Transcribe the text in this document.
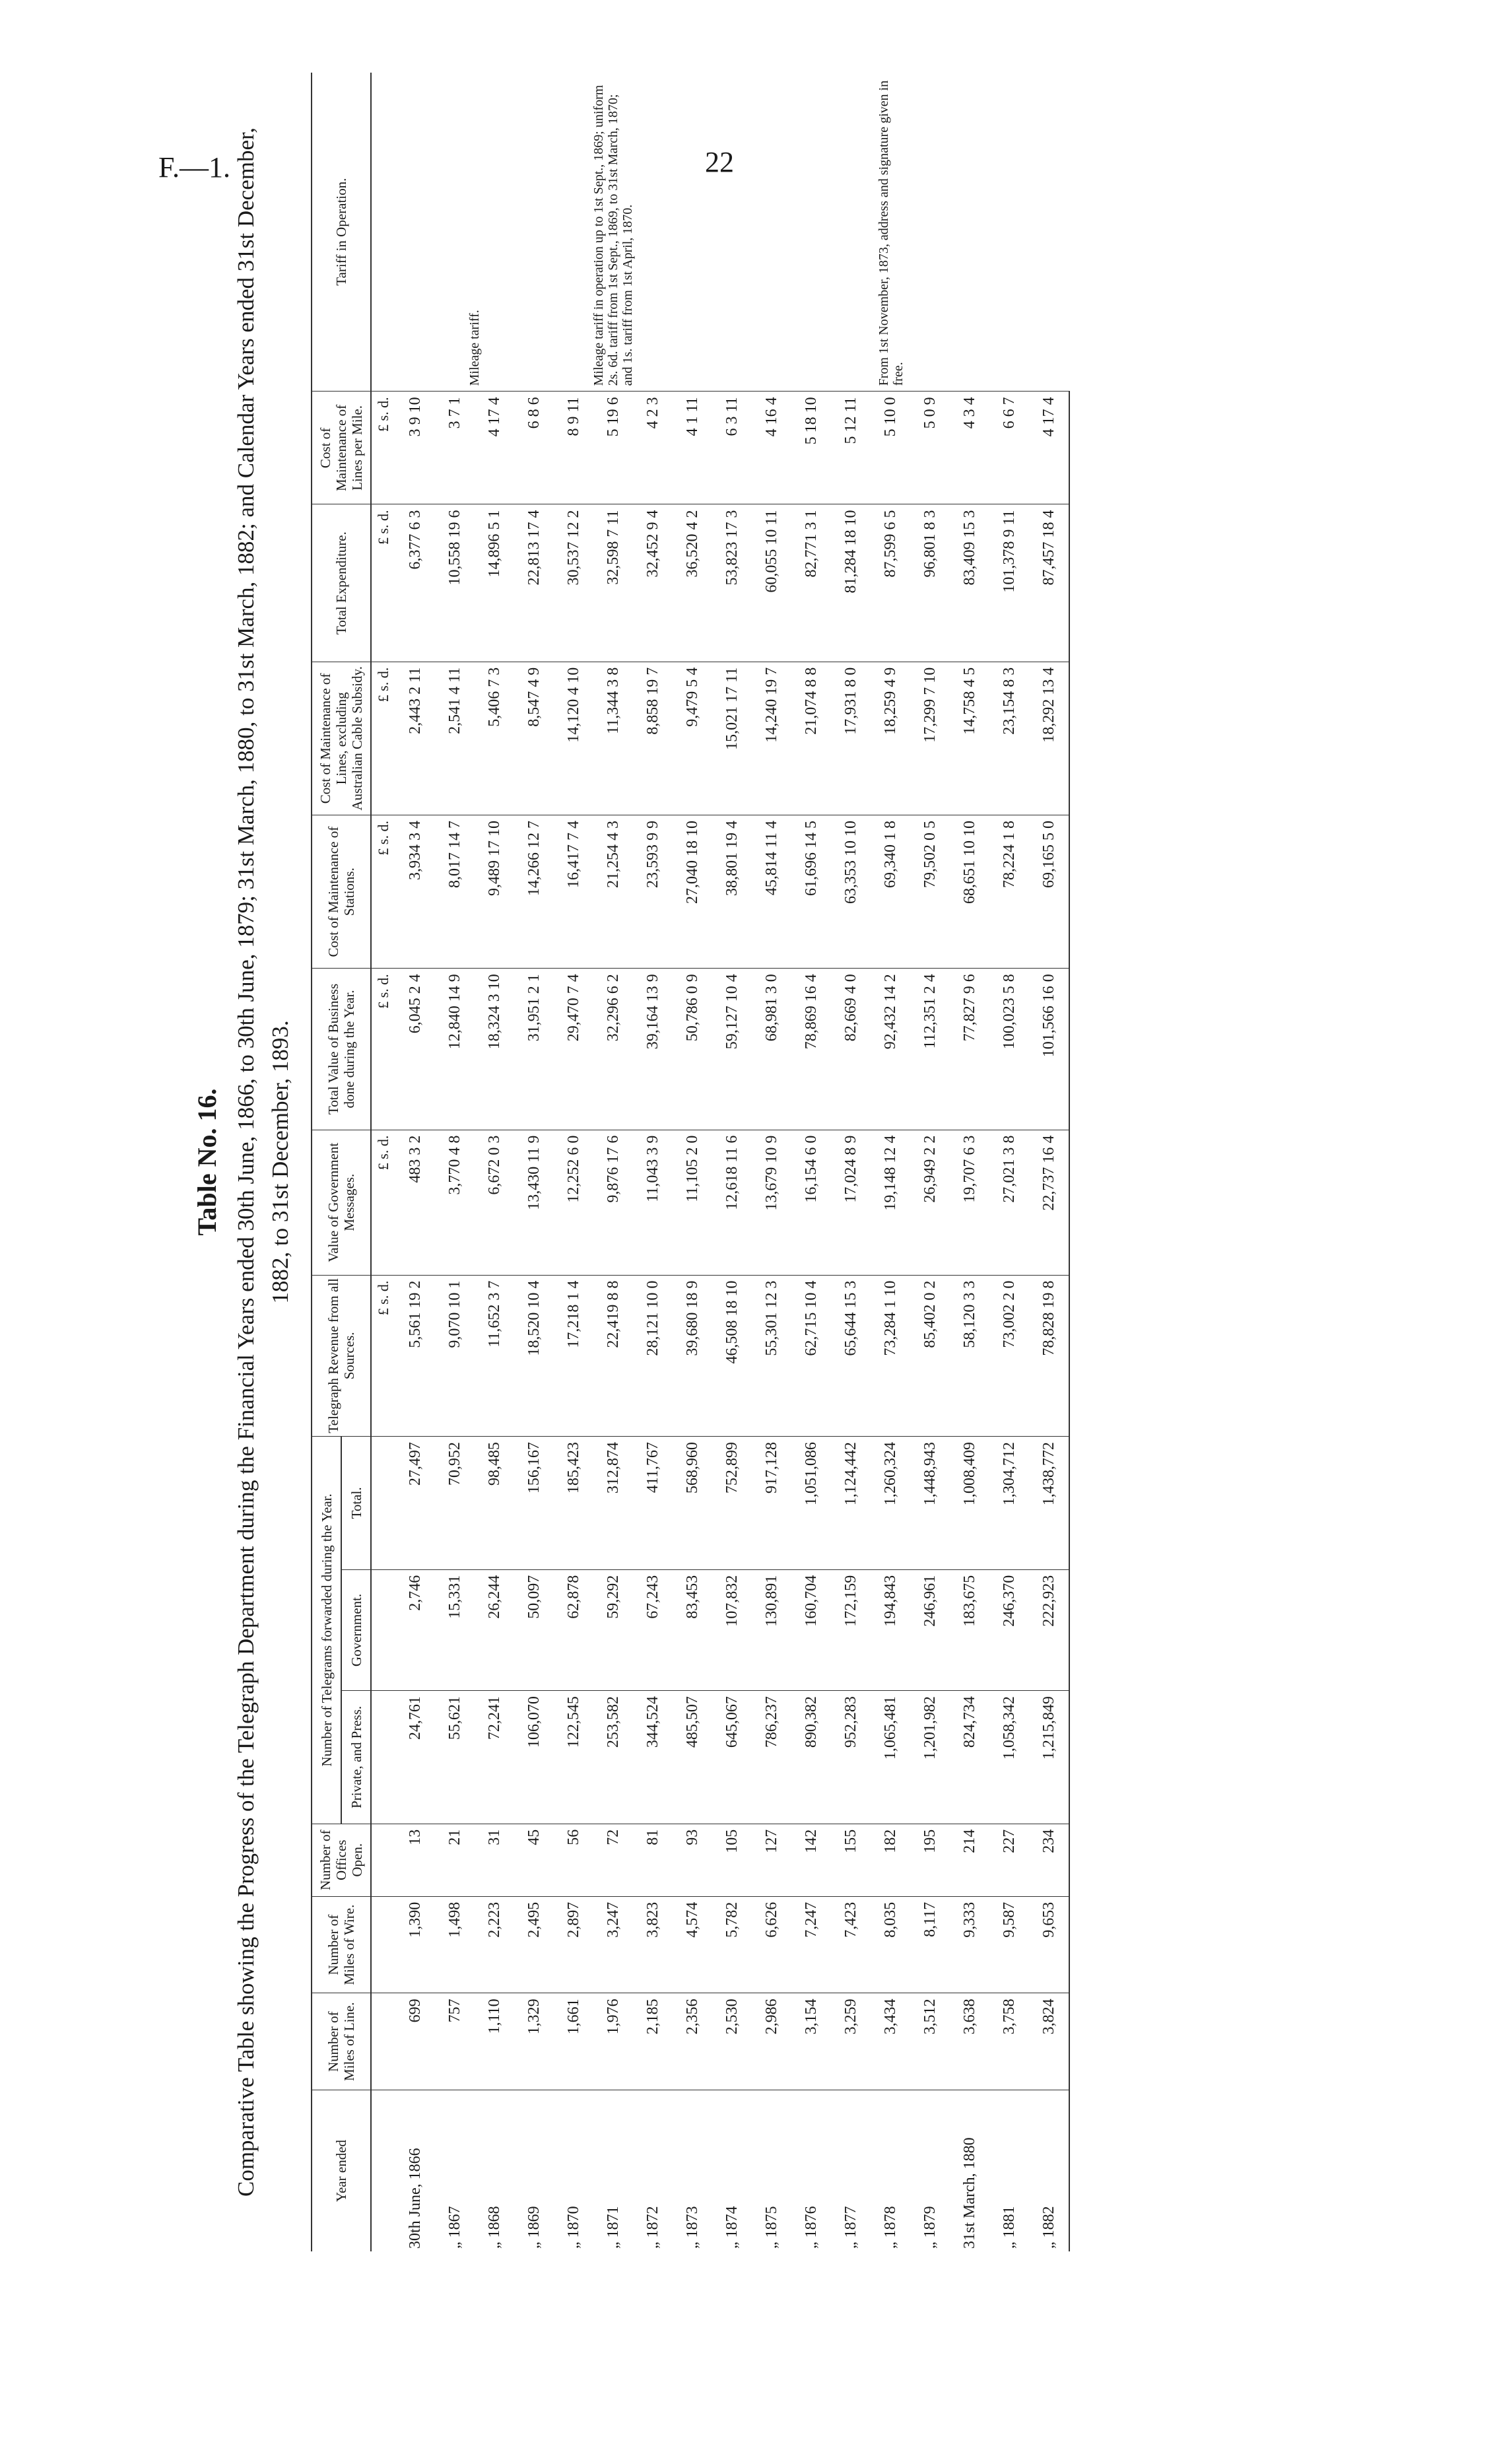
F.—1.	22
Table No. 16. Comparative Table showing the Progress of the Telegraph Department during the Financial Years ended 30th June, 1866, to 30th June, 1879; 31st March, 1880, to 31st March, 1882; and Calendar Years ended 31st December, 1882, to 31st December, 1893.
Year ended	Number of Miles of Line.	Number of Miles of Wire.	Number of Offices Open.	Number of Telegrams forwarded during the Year.			Telegraph Revenue from all Sources.	Value of Government Messages.	Total Value of Business done during the Year.	Cost of Maintenance of Stations.	Cost of Maintenance of Lines, excluding Australian Cable Subsidy.	Total Expenditure.	Cost of Maintenance of Lines per Mile.	Tariff in Operation.
				Private, and Press.	Government.	Total.								
							£ s. d.	£ s. d.	£ s. d.	£ s. d.	£ s. d.	£ s. d.	£ s. d.	
30th June, 1866	699	1,390	13	24,761	2,746	27,497	5,561 19 2	483 3 2	6,045 2 4	3,934 3 4	2,443 2 11	6,377 6 3	3 9 10	Mileage tariff.
„ 1867	757	1,498	21	55,621	15,331	70,952	9,070 10 1	3,770 4 8	12,840 14 9	8,017 14 7	2,541 4 11	10,558 19 6	3 7 1	
„ 1868	1,110	2,223	31	72,241	26,244	98,485	11,652 3 7	6,672 0 3	18,324 3 10	9,489 17 10	5,406 7 3	14,896 5 1	4 17 4	
„ 1869	1,329	2,495	45	106,070	50,097	156,167	18,520 10 4	13,430 11 9	31,951 2 1	14,266 12 7	8,547 4 9	22,813 17 4	6 8 6	
„ 1870	1,661	2,897	56	122,545	62,878	185,423	17,218 1 4	12,252 6 0	29,470 7 4	16,417 7 4	14,120 4 10	30,537 12 2	8 9 11	Mileage tariff in operation up to 1st Sept., 1869; uniform 2s. 6d. tariff from 1st Sept., 1869, to 31st March, 1870; and 1s. tariff from 1st April, 1870.
„ 1871	1,976	3,247	72	253,582	59,292	312,874	22,419 8 8	9,876 17 6	32,296 6 2	21,254 4 3	11,344 3 8	32,598 7 11	5 19 6	
„ 1872	2,185	3,823	81	344,524	67,243	411,767	28,121 10 0	11,043 3 9	39,164 13 9	23,593 9 9	8,858 19 7	32,452 9 4	4 2 3	
„ 1873	2,356	4,574	93	485,507	83,453	568,960	39,680 18 9	11,105 2 0	50,786 0 9	27,040 18 10	9,479 5 4	36,520 4 2	4 1 11	
„ 1874	2,530	5,782	105	645,067	107,832	752,899	46,508 18 10	12,618 11 6	59,127 10 4	38,801 19 4	15,021 17 11	53,823 17 3	6 3 11	From 1st November, 1873, address and signature given in free.
„ 1875	2,986	6,626	127	786,237	130,891	917,128	55,301 12 3	13,679 10 9	68,981 3 0	45,814 11 4	14,240 19 7	60,055 10 11	4 16 4	
„ 1876	3,154	7,247	142	890,382	160,704	1,051,086	62,715 10 4	16,154 6 0	78,869 16 4	61,696 14 5	21,074 8 8	82,771 3 1	5 18 10	
„ 1877	3,259	7,423	155	952,283	172,159	1,124,442	65,644 15 3	17,024 8 9	82,669 4 0	63,353 10 10	17,931 8 0	81,284 18 10	5 12 11	
„ 1878	3,434	8,035	182	1,065,481	194,843	1,260,324	73,284 1 10	19,148 12 4	92,432 14 2	69,340 1 8	18,259 4 9	87,599 6 5	5 10 0	
„ 1879	3,512	8,117	195	1,201,982	246,961	1,448,943	85,402 0 2	26,949 2 2	112,351 2 4	79,502 0 5	17,299 7 10	96,801 8 3	5 0 9	
31st March, 1880	3,638	9,333	214	824,734	183,675	1,008,409	58,120 3 3	19,707 6 3	77,827 9 6	68,651 10 10	14,758 4 5	83,409 15 3	4 3 4	
„ 1881	3,758	9,587	227	1,058,342	246,370	1,304,712	73,002 2 0	27,021 3 8	100,023 5 8	78,224 1 8	23,154 8 3	101,378 9 11	6 6 7	
„ 1882	3,824	9,653	234	1,215,849	222,923	1,438,772	78,828 19 8	22,737 16 4	101,566 16 0	69,165 5 0	18,292 13 4	87,457 18 4	4 17 4	
